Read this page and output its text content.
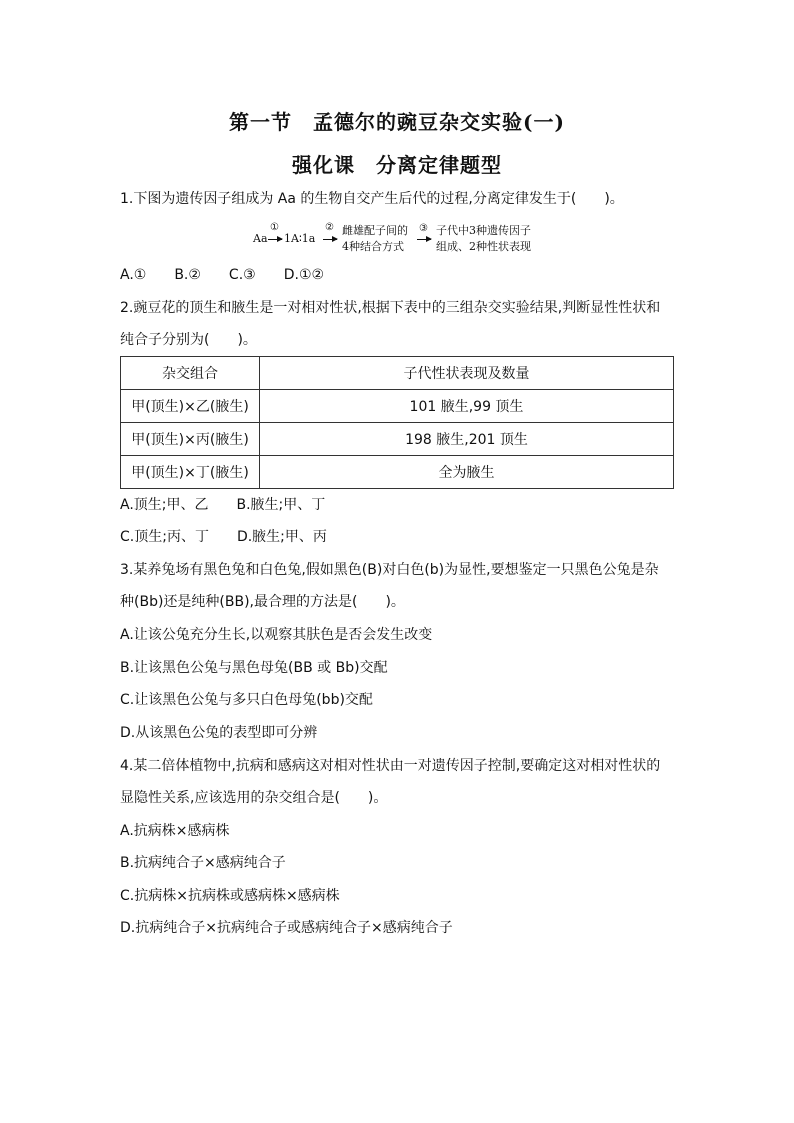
第一节　孟德尔的豌豆杂交实验(一)
强化课　分离定律题型
1.下图为遗传因子组成为 Aa 的生物自交产生后代的过程,分离定律发生于(　　)。
Aa
①
1A∶1a
② 雌雄配子间的
4种结合方式
③ 子代中3种遗传因子
组成、2种性状表现
A.①　　B.②　　C.③　　D.①②
2.豌豆花的顶生和腋生是一对相对性状,根据下表中的三组杂交实验结果,判断显性性状和
纯合子分别为(　　)。
杂交组合	子代性状表现及数量
甲(顶生)×乙(腋生)	101 腋生,99 顶生
甲(顶生)×丙(腋生)	198 腋生,201 顶生
甲(顶生)×丁(腋生)	全为腋生
A.顶生;甲、乙　　B.腋生;甲、丁
C.顶生;丙、丁　　D.腋生;甲、丙
3.某养兔场有黑色兔和白色兔,假如黑色(B)对白色(b)为显性,要想鉴定一只黑色公兔是杂
种(Bb)还是纯种(BB),最合理的方法是(　　)。
A.让该公兔充分生长,以观察其肤色是否会发生改变
B.让该黑色公兔与黑色母兔(BB 或 Bb)交配
C.让该黑色公兔与多只白色母兔(bb)交配
D.从该黑色公兔的表型即可分辨
4.某二倍体植物中,抗病和感病这对相对性状由一对遗传因子控制,要确定这对相对性状的
显隐性关系,应该选用的杂交组合是(　　)。
A.抗病株×感病株
B.抗病纯合子×感病纯合子
C.抗病株×抗病株或感病株×感病株
D.抗病纯合子×抗病纯合子或感病纯合子×感病纯合子
